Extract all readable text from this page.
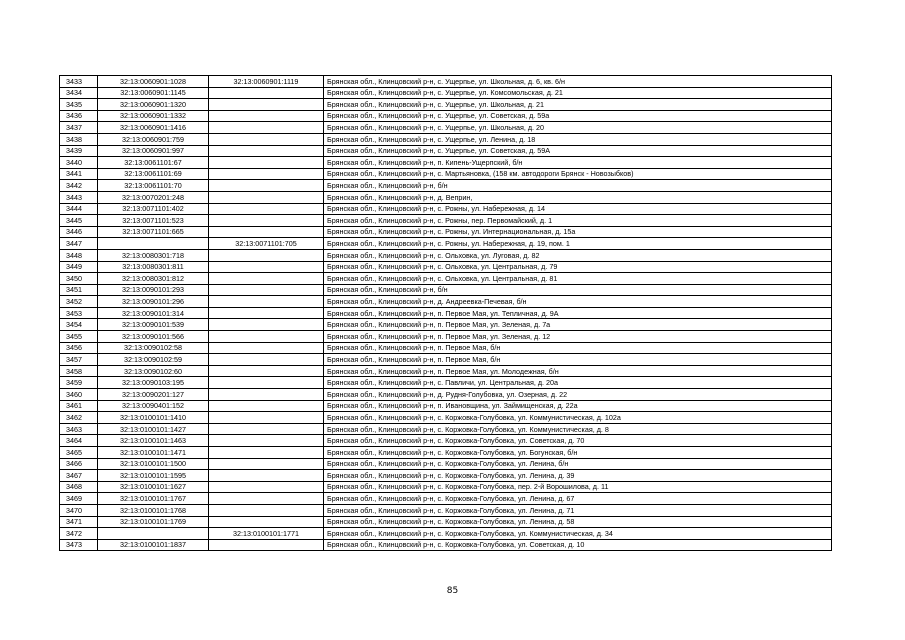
3433	32:13:0060901:1028	32:13:0060901:1119	Брянская обл., Клинцовский р-н, с. Ущерпье, ул. Школьная, д. 6, кв. 6/н
3434	32:13:0060901:1145		Брянская обл., Клинцовский р-н, с. Ущерпье, ул. Комсомольская, д. 21
3435	32:13:0060901:1320		Брянская обл., Клинцовский р-н, с. Ущерпье, ул. Школьная, д. 21
3436	32:13:0060901:1332		Брянская обл., Клинцовский р-н, с. Ущерпье, ул. Советская, д. 59а
3437	32:13:0060901:1416		Брянская обл., Клинцовский р-н, с. Ущерпье, ул. Школьная, д. 20
3438	32:13:0060901:759		Брянская обл., Клинцовский р-н, с. Ущерпье, ул. Ленина, д. 18
3439	32:13:0060901:997		Брянская обл., Клинцовский р-н, с. Ущерпье, ул. Советская, д. 59А
3440	32:13:0061101:67		Брянская обл., Клинцовский р-н, п. Кипень-Ущерпский, б/н
3441	32:13:0061101:69		Брянская обл., Клинцовский р-н, с. Мартьяновка, (158 км. автодороги Брянск - Новозыбков)
3442	32:13:0061101:70		Брянская обл., Клинцовский р-н, б/н
3443	32:13:0070201:248		Брянская обл., Клинцовский р-н, д. Веприн,
3444	32:13:0071101:402		Брянская обл., Клинцовский р-н, с. Рожны, ул. Набережная, д. 14
3445	32:13:0071101:523		Брянская обл., Клинцовский р-н, с. Рожны, пер. Первомайский, д. 1
3446	32:13:0071101:665		Брянская обл., Клинцовский р-н, с. Рожны, ул. Интернациональная, д. 15а
3447		32:13:0071101:705	Брянская обл., Клинцовский р-н, с. Рожны, ул. Набережная, д. 19, пом. 1
3448	32:13:0080301:718		Брянская обл., Клинцовский р-н, с. Ольховка, ул. Луговая, д. 82
3449	32:13:0080301:811		Брянская обл., Клинцовский р-н, с. Ольховка, ул. Центральная, д. 79
3450	32:13:0080301:812		Брянская обл., Клинцовский р-н, с. Ольховка, ул. Центральная, д. 81
3451	32:13:0090101:293		Брянская обл., Клинцовский р-н, б/н
3452	32:13:0090101:296		Брянская обл., Клинцовский р-н, д. Андреевка-Печевая, б/н
3453	32:13:0090101:314		Брянская обл., Клинцовский р-н, п. Первое Мая, ул. Тепличная, д. 9А
3454	32:13:0090101:539		Брянская обл., Клинцовский р-н, п. Первое Мая, ул. Зеленая, д. 7а
3455	32:13:0090101:566		Брянская обл., Клинцовский р-н, п. Первое Мая, ул. Зеленая, д. 12
3456	32:13:0090102:58		Брянская обл., Клинцовский р-н, п. Первое Мая, б/н
3457	32:13:0090102:59		Брянская обл., Клинцовский р-н, п. Первое Мая, б/н
3458	32:13:0090102:60		Брянская обл., Клинцовский р-н, п. Первое Мая, ул. Молодежная, б/н
3459	32:13:0090103:195		Брянская обл., Клинцовский р-н, с. Павличи, ул. Центральная, д. 20а
3460	32:13:0090201:127		Брянская обл., Клинцовский р-н, д. Рудня-Голубовка, ул. Озерная, д. 22
3461	32:13:0090401:152		Брянская обл., Клинцовский р-н, п. Ивановщина, ул. Займищенская, д. 22а
3462	32:13:0100101:1410		Брянская обл., Клинцовский р-н, с. Коржовка-Голубовка, ул. Коммунистическая, д. 102а
3463	32:13:0100101:1427		Брянская обл., Клинцовский р-н, с. Коржовка-Голубовка, ул. Коммунистическая, д. 8
3464	32:13:0100101:1463		Брянская обл., Клинцовский р-н, с. Коржовка-Голубовка, ул. Советская, д. 70
3465	32:13:0100101:1471		Брянская обл., Клинцовский р-н, с. Коржовка-Голубовка, ул. Богунская, б/н
3466	32:13:0100101:1500		Брянская обл., Клинцовский р-н, с. Коржовка-Голубовка, ул. Ленина, б/н
3467	32:13:0100101:1595		Брянская обл., Клинцовский р-н, с. Коржовка-Голубовка, ул. Ленина, д. 39
3468	32:13:0100101:1627		Брянская обл., Клинцовский р-н, с. Коржовка-Голубовка, пер. 2-й Ворошилова, д. 11
3469	32:13:0100101:1767		Брянская обл., Клинцовский р-н, с. Коржовка-Голубовка, ул. Ленина, д. 67
3470	32:13:0100101:1768		Брянская обл., Клинцовский р-н, с. Коржовка-Голубовка, ул. Ленина, д. 71
3471	32:13:0100101:1769		Брянская обл., Клинцовский р-н, с. Коржовка-Голубовка, ул. Ленина, д. 58
3472		32:13:0100101:1771	Брянская обл., Клинцовский р-н, с. Коржовка-Голубовка, ул. Коммунистическая, д. 34
3473	32:13:0100101:1837		Брянская обл., Клинцовский р-н, с. Коржовка-Голубовка, ул. Советская, д. 10
85
